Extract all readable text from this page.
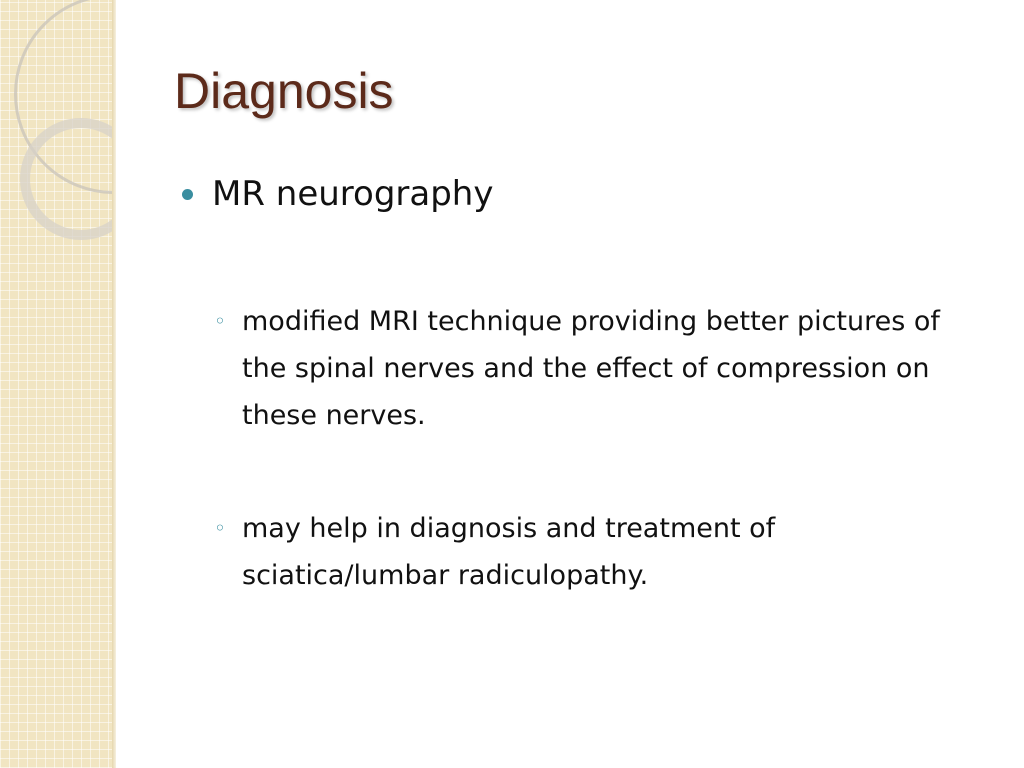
Diagnosis
MR neurography
◦ modified MRI technique providing better pictures of the spinal nerves and the effect of compression on these nerves.
◦ may help in diagnosis and treatment of sciatica/lumbar radiculopathy.
